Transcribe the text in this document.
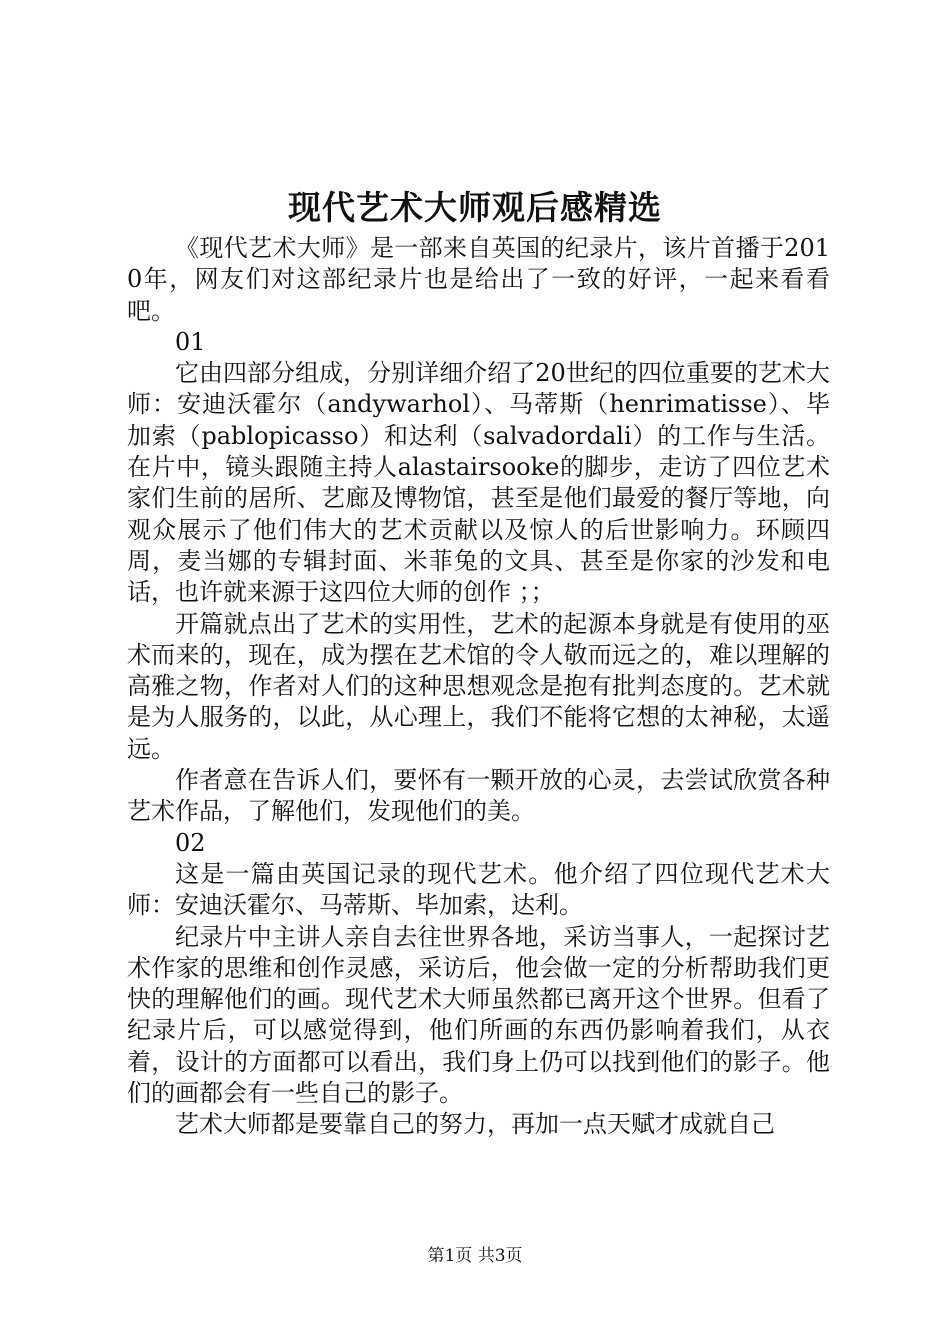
现代艺术大师观后感精选

《现代艺术大师》是一部来自英国的纪录片，该片首播于2010年，网友们对这部纪录片也是给出了一致的好评，一起来看看吧。

01

它由四部分组成，分别详细介绍了20世纪的四位重要的艺术大师：安迪沃霍尔（andywarhol）、马蒂斯（henrimatisse）、毕加索（pablopicasso）和达利（salvadordali）的工作与生活。在片中，镜头跟随主持人alastairsooke的脚步，走访了四位艺术家们生前的居所、艺廊及博物馆，甚至是他们最爱的餐厅等地，向观众展示了他们伟大的艺术贡献以及惊人的后世影响力。环顾四周，麦当娜的专辑封面、米菲兔的文具、甚至是你家的沙发和电话，也许就来源于这四位大师的创作 ；；

开篇就点出了艺术的实用性，艺术的起源本身就是有使用的巫术而来的，现在，成为摆在艺术馆的令人敬而远之的，难以理解的高雅之物，作者对人们的这种思想观念是抱有批判态度的。艺术就是为人服务的，以此，从心理上，我们不能将它想的太神秘，太遥远。

作者意在告诉人们，要怀有一颗开放的心灵，去尝试欣赏各种艺术作品，了解他们，发现他们的美。

02

这是一篇由英国记录的现代艺术。他介绍了四位现代艺术大师：安迪沃霍尔、马蒂斯、毕加索，达利。

纪录片中主讲人亲自去往世界各地，采访当事人，一起探讨艺术作家的思维和创作灵感，采访后，他会做一定的分析帮助我们更快的理解他们的画。现代艺术大师虽然都已离开这个世界。但看了纪录片后，可以感觉得到，他们所画的东西仍影响着我们，从衣着，设计的方面都可以看出，我们身上仍可以找到他们的影子。他们的画都会有一些自己的影子。

艺术大师都是要靠自己的努力，再加一点天赋才成就自己

第1页 共3页
